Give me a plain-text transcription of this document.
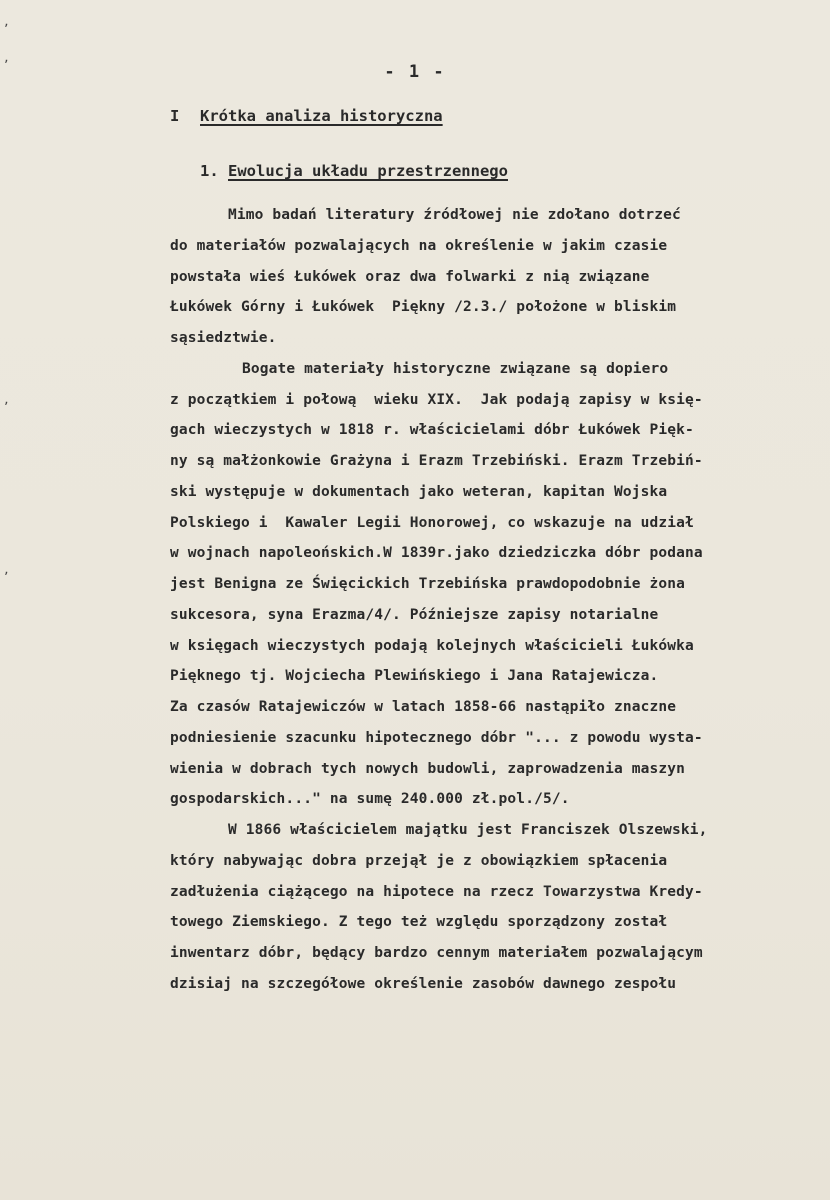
ʼ
ʼ
ʼ
ʼ
- 1 -
I Krótka analiza historyczna
1. Ewolucja układu przestrzennego
Mimo badań literatury źródłowej nie zdołano dotrzeć
do materiałów pozwalających na określenie w jakim czasie
powstała wieś Łukówek oraz dwa folwarki z nią związane
Łukówek Górny i Łukówek  Piękny /2.3./ położone w bliskim
sąsiedztwie.
Bogate materiały historyczne związane są dopiero
z początkiem i połową  wieku XIX.  Jak podają zapisy w księ-
gach wieczystych w 1818 r. właścicielami dóbr Łukówek Pięk-
ny są małżonkowie Grażyna i Erazm Trzebiński. Erazm Trzebiń-
ski występuje w dokumentach jako weteran, kapitan Wojska
Polskiego i  Kawaler Legii Honorowej, co wskazuje na udział
w wojnach napoleońskich.W 1839r.jako dziedziczka dóbr podana
jest Benigna ze Święcickich Trzebińska prawdopodobnie żona
sukcesora, syna Erazma/4/. Późniejsze zapisy notarialne
w księgach wieczystych podają kolejnych właścicieli Łukówka
Pięknego tj. Wojciecha Plewińskiego i Jana Ratajewicza.
Za czasów Ratajewiczów w latach 1858-66 nastąpiło znaczne
podniesienie szacunku hipotecznego dóbr "... z powodu wysta-
wienia w dobrach tych nowych budowli, zaprowadzenia maszyn
gospodarskich..." na sumę 240.000 zł.pol./5/.
W 1866 właścicielem majątku jest Franciszek Olszewski,
który nabywając dobra przejął je z obowiązkiem spłacenia
zadłużenia ciążącego na hipotece na rzecz Towarzystwa Kredy-
towego Ziemskiego. Z tego też względu sporządzony został
inwentarz dóbr, będący bardzo cennym materiałem pozwalającym
dzisiaj na szczegółowe określenie zasobów dawnego zespołu
